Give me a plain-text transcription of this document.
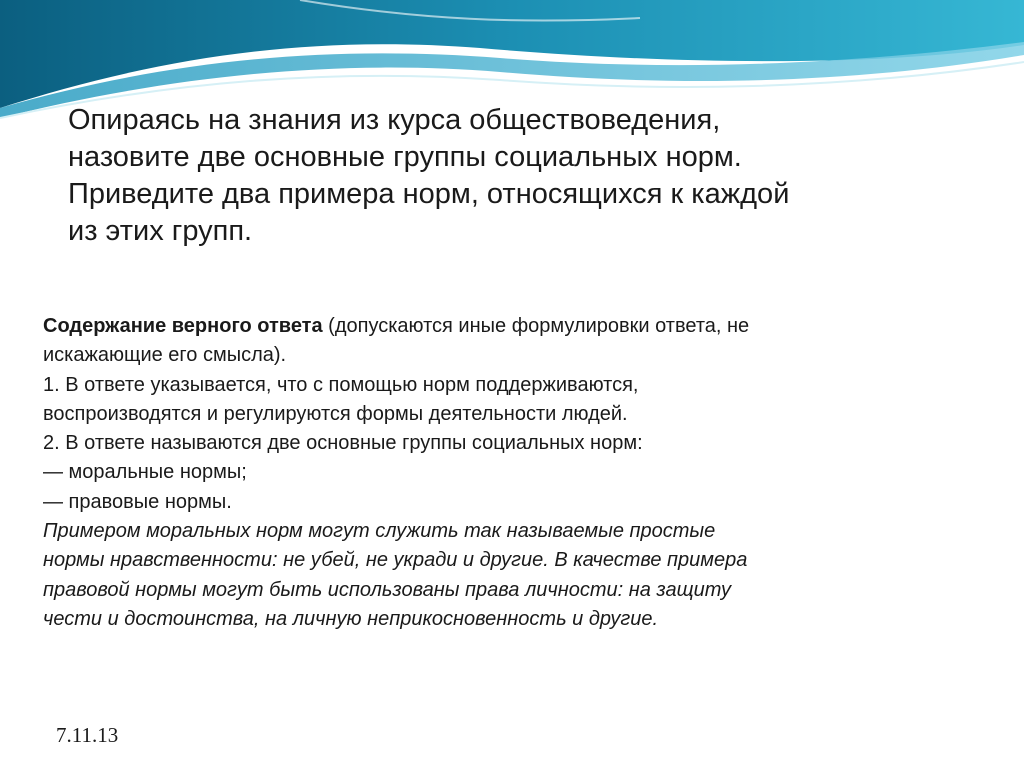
Опираясь на знания из курса обществоведения,
назовите две основные группы социальных норм.
Приведите два примера норм, относящихся к каждой
из этих групп.
Содержание верного ответа (допускаются иные формулировки ответа, не
искажающие его смысла).
1. В ответе указывается, что с помощью норм поддерживаются,
воспроизводятся и регулируются формы деятельности людей.
2. В ответе называются две основные группы социальных норм:
— моральные нормы;
— правовые нормы.
Примером моральных норм могут служить так называемые простые
нормы нравственности: не убей, не укради и другие. В качестве примера
правовой нормы могут быть использованы права личности: на защиту
чести и достоинства, на личную неприкосновенность и другие.
7.11.13
